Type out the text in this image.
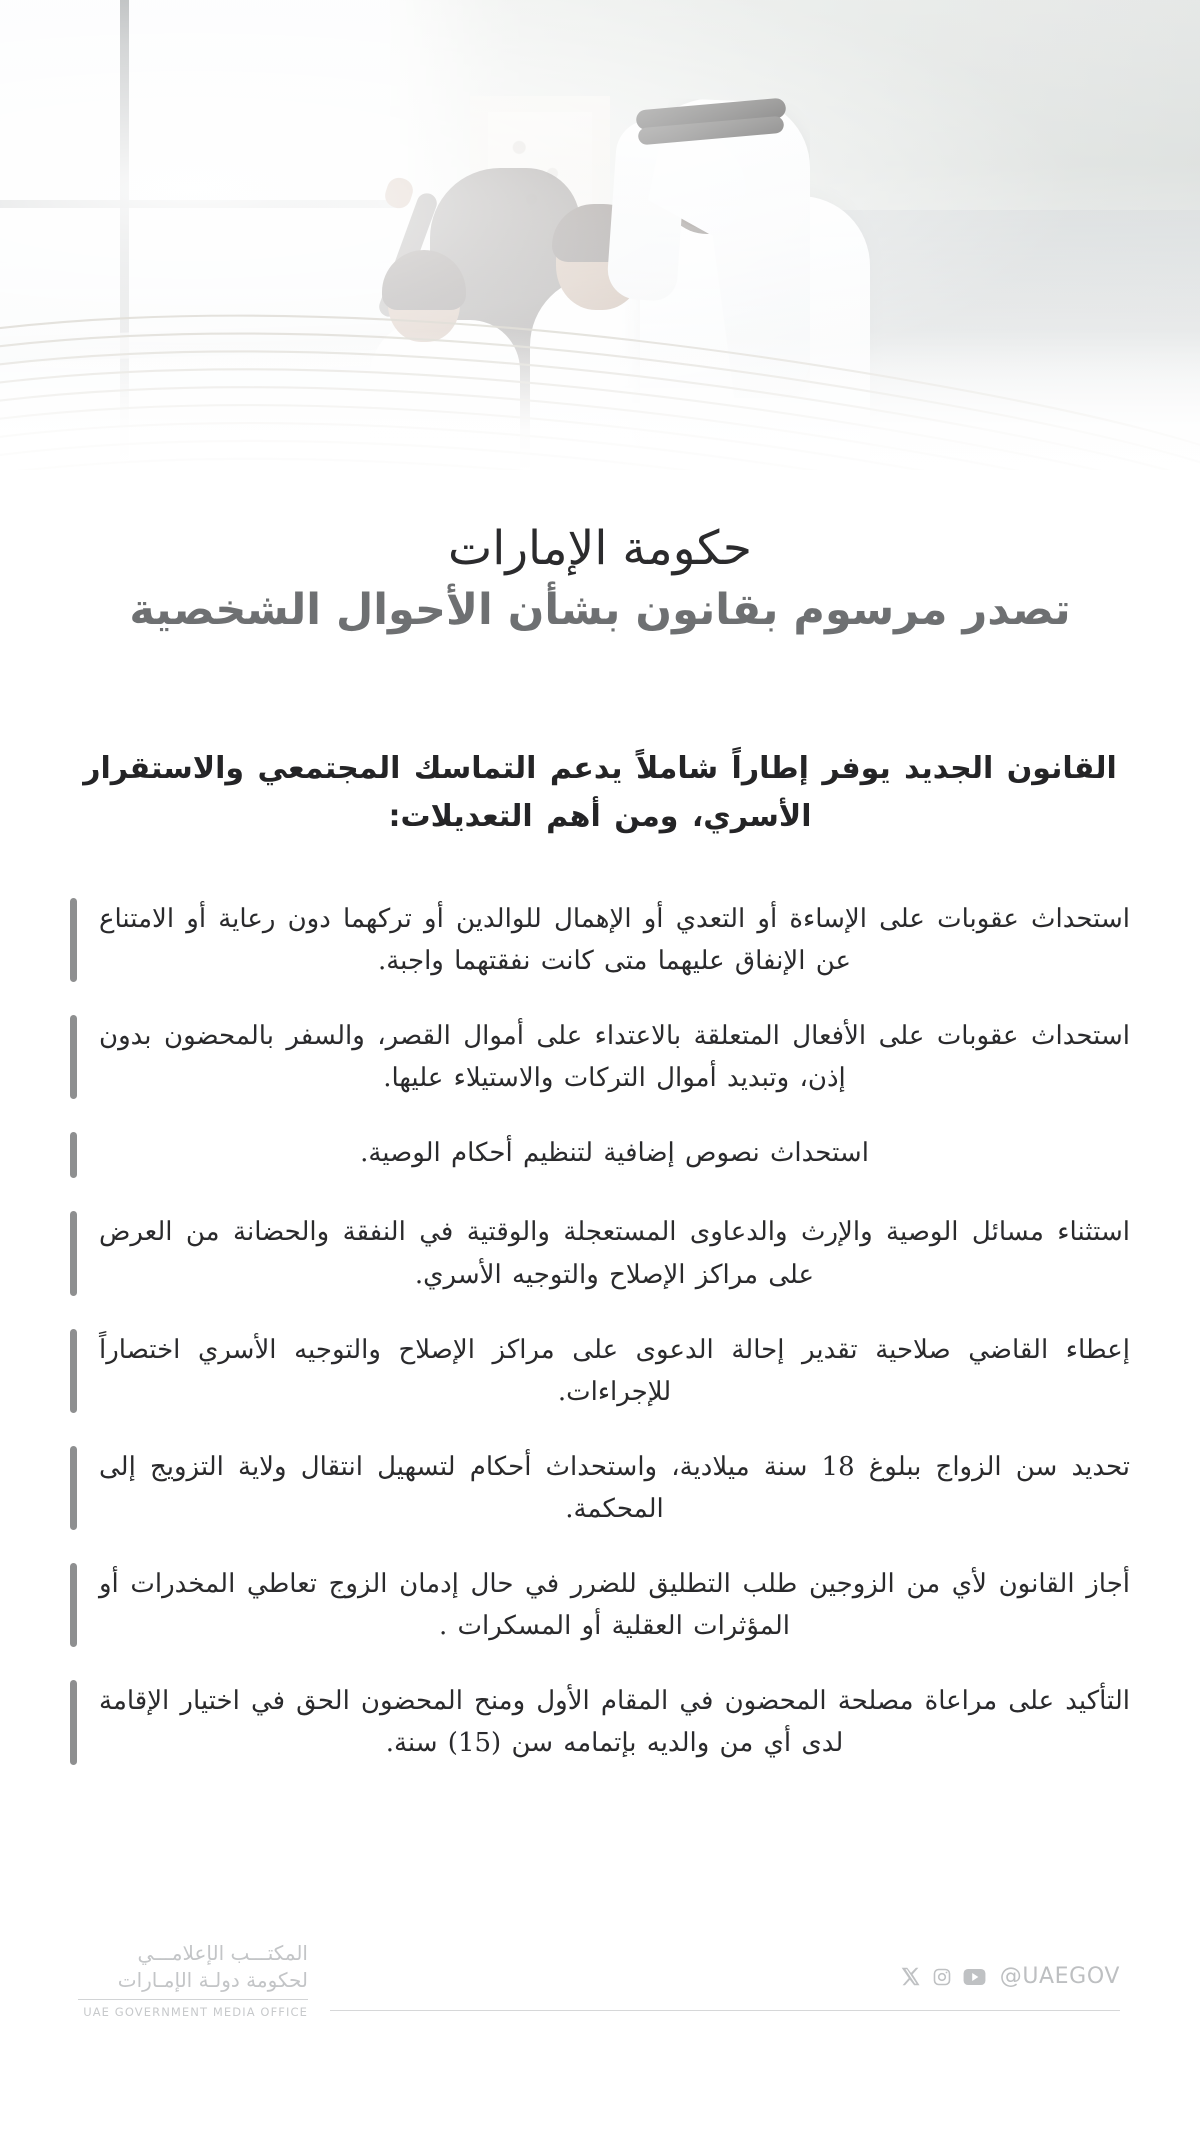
حكومة الإمارات
تصدر مرسوم بقانون بشأن الأحوال الشخصية
القانون الجديد يوفر إطاراً شاملاً يدعم التماسك المجتمعي والاستقرار الأسري، ومن أهم التعديلات:
استحداث عقوبات على الإساءة أو التعدي أو الإهمال للوالدين أو تركهما دون رعاية أو الامتناع عن الإنفاق عليهما متى كانت نفقتهما واجبة.
استحداث عقوبات على الأفعال المتعلقة بالاعتداء على أموال القصر، والسفر بالمحضون بدون إذن، وتبديد أموال التركات والاستيلاء عليها.
استحداث نصوص إضافية لتنظيم أحكام الوصية.
استثناء مسائل الوصية والإرث والدعاوى المستعجلة والوقتية في النفقة والحضانة من العرض على مراكز الإصلاح والتوجيه الأسري.
إعطاء القاضي صلاحية تقدير إحالة الدعوى على مراكز الإصلاح والتوجيه الأسري اختصاراً للإجراءات.
تحديد سن الزواج ببلوغ 18 سنة ميلادية، واستحداث أحكام لتسهيل انتقال ولاية التزويج إلى المحكمة.
أجاز القانون لأي من الزوجين طلب التطليق للضرر في حال إدمان الزوج تعاطي المخدرات أو المؤثرات العقلية أو المسكرات .
التأكيد على مراعاة مصلحة المحضون في المقام الأول ومنح المحضون الحق في اختيار الإقامة لدى أي من والديه بإتمامه سن (15) سنة.
المكتـــب الإعلامـــي
لحكومة دولـة الإمـارات
UAE GOVERNMENT MEDIA OFFICE
@UAEGOV
